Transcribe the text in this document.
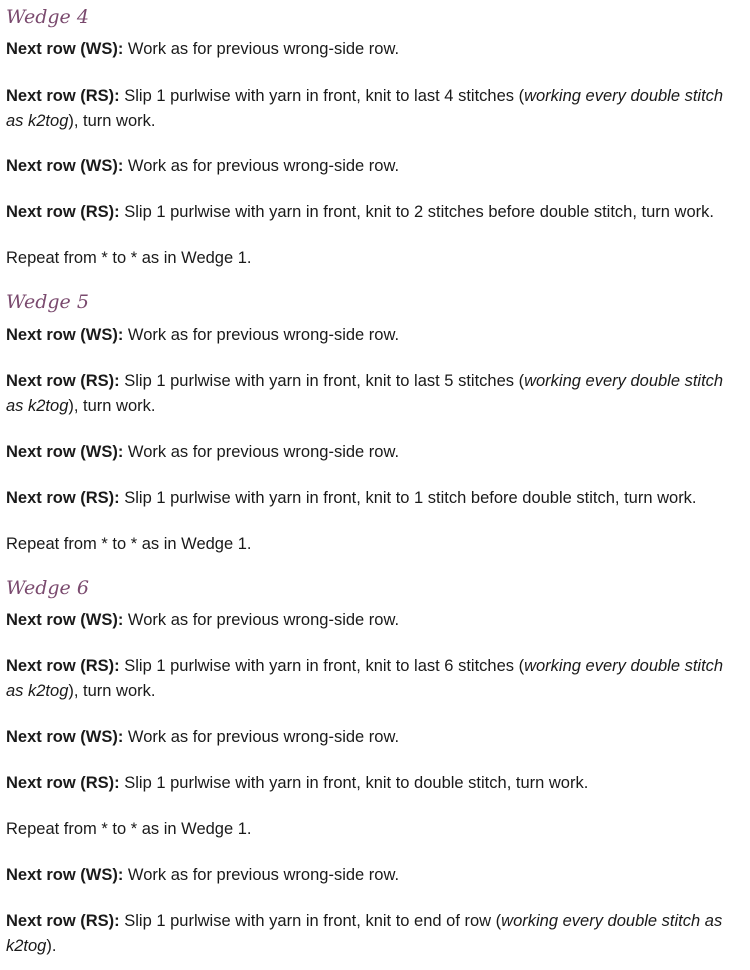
Wedge 4

Next row (WS): Work as for previous wrong-side row.

Next row (RS): Slip 1 purlwise with yarn in front, knit to last 4 stitches (working every double stitch as k2tog), turn work.

Next row (WS): Work as for previous wrong-side row.

Next row (RS): Slip 1 purlwise with yarn in front, knit to 2 stitches before double stitch, turn work.

Repeat from * to * as in Wedge 1.

Wedge 5

Next row (WS): Work as for previous wrong-side row.

Next row (RS): Slip 1 purlwise with yarn in front, knit to last 5 stitches (working every double stitch as k2tog), turn work.

Next row (WS): Work as for previous wrong-side row.

Next row (RS): Slip 1 purlwise with yarn in front, knit to 1 stitch before double stitch, turn work.

Repeat from * to * as in Wedge 1.

Wedge 6

Next row (WS): Work as for previous wrong-side row.

Next row (RS): Slip 1 purlwise with yarn in front, knit to last 6 stitches (working every double stitch as k2tog), turn work.

Next row (WS): Work as for previous wrong-side row.

Next row (RS): Slip 1 purlwise with yarn in front, knit to double stitch, turn work.

Repeat from * to * as in Wedge 1.

Next row (WS): Work as for previous wrong-side row.

Next row (RS): Slip 1 purlwise with yarn in front, knit to end of row (working every double stitch as k2tog).
